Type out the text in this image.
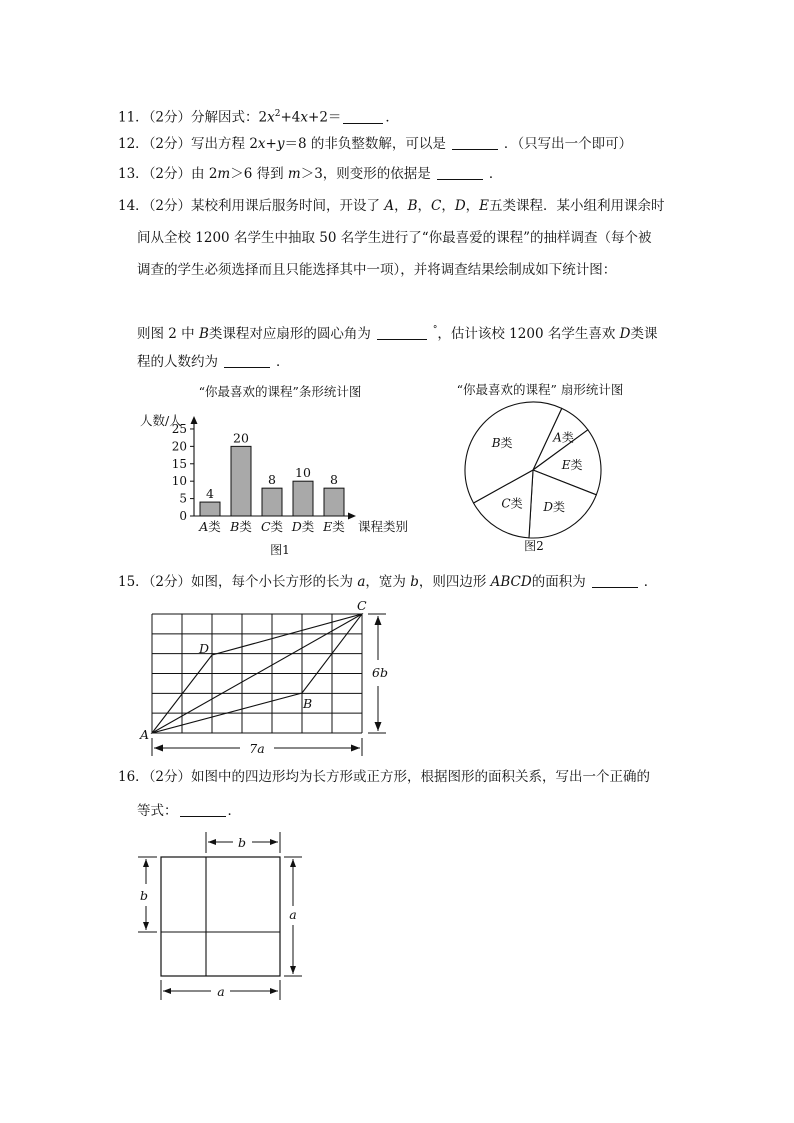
11．（2分）分解因式：$2x^2+4x+2=$	．
12．（2分）写出方程 2x+y＝8 的非负整数解，可以是	．（只写出一个即可）
13．（2分）由 2m＞6 得到 m＞3，则变形的依据是	．
14．（2分）某校利用课后服务时间，开设了 A，B，C，D，E五类课程．某小组利用课余时
间从全校 1200 名学生中抽取 50 名学生进行了“你最喜爱的课程”的抽样调查（每个被
调查的学生必须选择而且只能选择其中一项），并将调查结果绘制成如下统计图：
则图 2 中 B类课程对应扇形的圆心角为	°，估计该校 1200 名学生喜欢 D类课
程的人数约为	．
“你最喜欢的课程”条形统计图
人数/人
0
5
10
15
20
25
4
20
8 10 8
A类 B类 C类 D类 E类 课程类别
图1
“你最喜欢的课程” 扇形统计图
A类
E类
D类
C类
B类
图2
15．（2分）如图，每个小长方形的长为 a，宽为 b，则四边形 ABCD的面积为	．
A
B
C
D
7a
6b
16．（2分）如图中的四边形均为长方形或正方形，根据图形的面积关系，写出一个正确的
等式：	．
b
b
a
a
